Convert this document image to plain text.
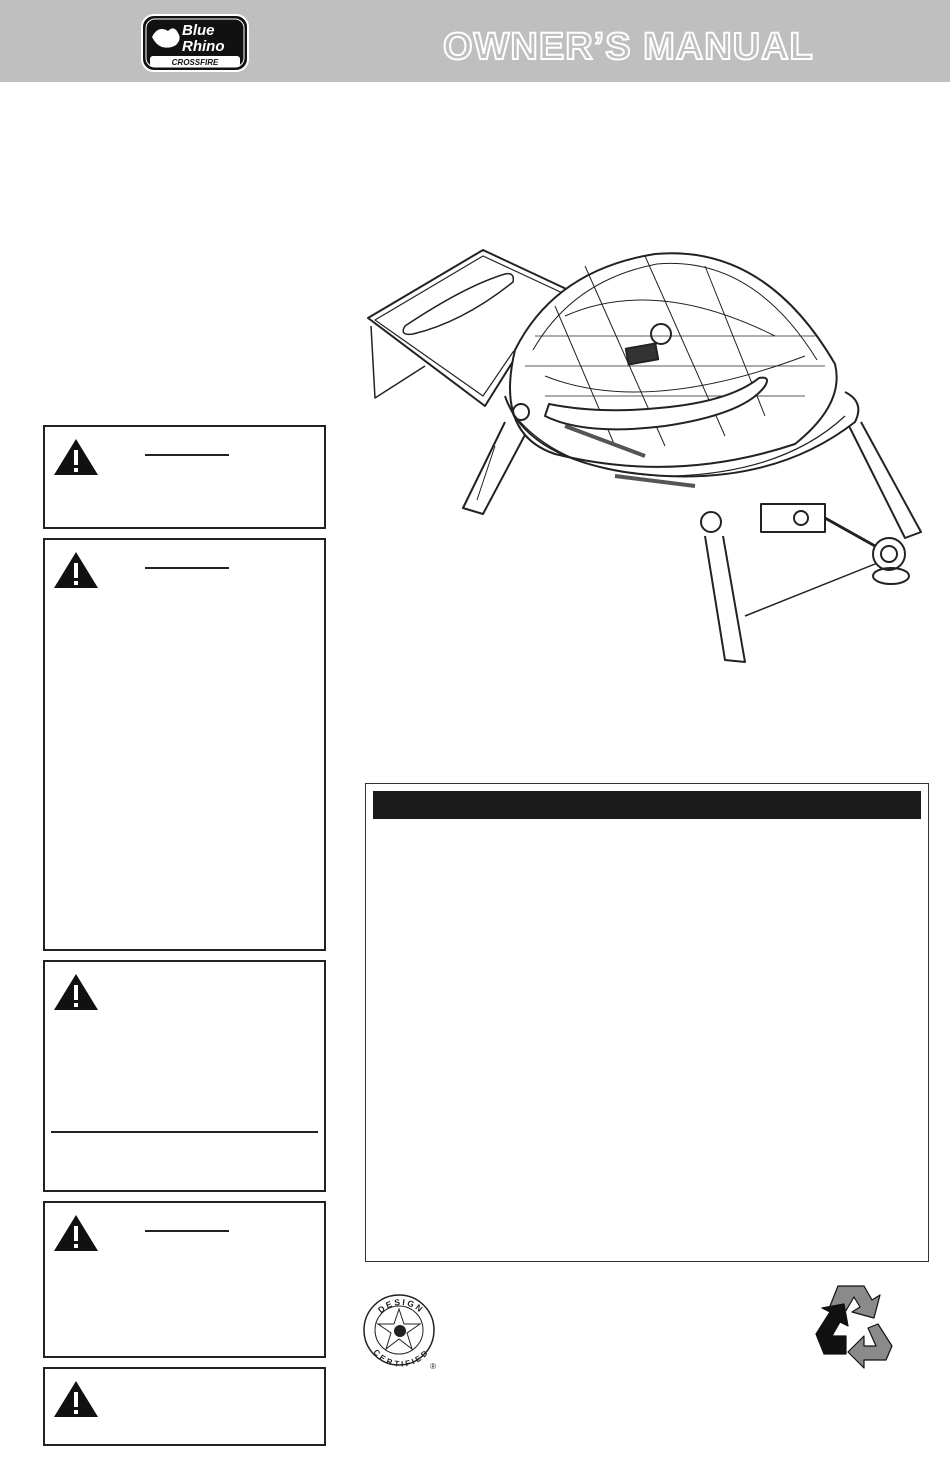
Blue
Rhino
CROSSFIRE	OWNER’S MANUAL
DESIGN
CERTIFIED
®
